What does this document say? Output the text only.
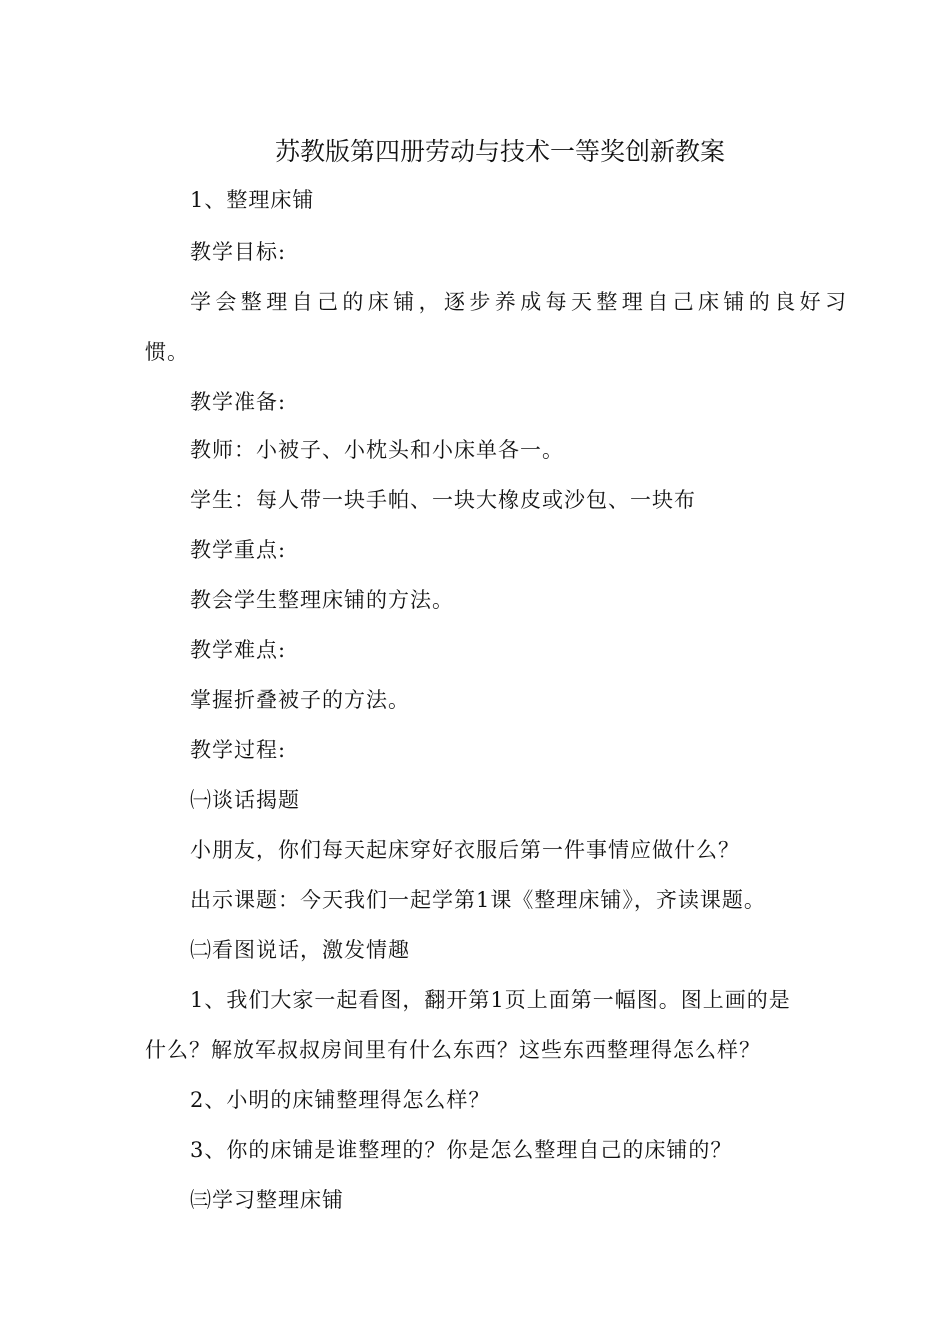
苏教版第四册劳动与技术一等奖创新教案
1、整理床铺
教学目标:
学会整理自己的床铺，逐步养成每天整理自己床铺的良好习
惯。
教学准备:
教师：小被子、小枕头和小床单各一。
学生：每人带一块手帕、一块大橡皮或沙包、一块布
教学重点:
教会学生整理床铺的方法。
教学难点:
掌握折叠被子的方法。
教学过程:
㈠谈话揭题
小朋友，你们每天起床穿好衣服后第一件事情应做什么？
出示课题：今天我们一起学第1课《整理床铺》，齐读课题。
㈡看图说话，激发情趣
1、我们大家一起看图，翻开第1页上面第一幅图。图上画的是
什么？解放军叔叔房间里有什么东西？这些东西整理得怎么样？
2、小明的床铺整理得怎么样？
3、你的床铺是谁整理的？你是怎么整理自己的床铺的？
㈢学习整理床铺
